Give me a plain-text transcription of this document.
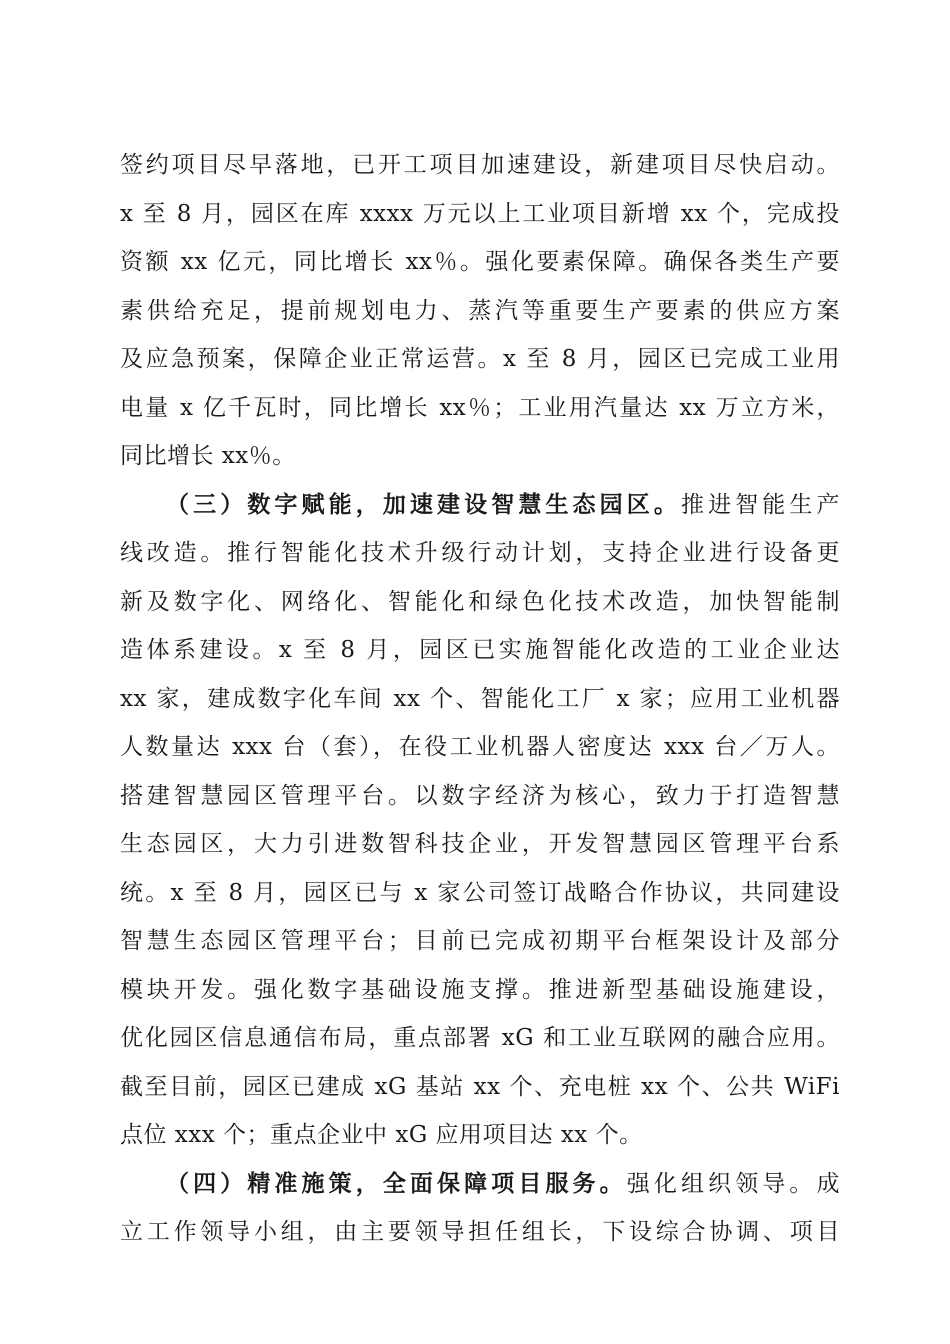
签约项目尽早落地，已开工项目加速建设，新建项目尽快启动。
x 至 8 月，园区在库 xxxx 万元以上工业项目新增 xx 个，完成投
资额 xx 亿元，同比增长 xx％。强化要素保障。确保各类生产要
素供给充足，提前规划电力、蒸汽等重要生产要素的供应方案
及应急预案，保障企业正常运营。x 至 8 月，园区已完成工业用
电量 x 亿千瓦时，同比增长 xx％；工业用汽量达 xx 万立方米，
同比增长 xx％。
（三）数字赋能，加速建设智慧生态园区。推进智能生产
线改造。推行智能化技术升级行动计划，支持企业进行设备更
新及数字化、网络化、智能化和绿色化技术改造，加快智能制
造体系建设。x 至 8 月，园区已实施智能化改造的工业企业达
xx 家，建成数字化车间 xx 个、智能化工厂 x 家；应用工业机器
人数量达 xxx 台（套），在役工业机器人密度达 xxx 台／万人。
搭建智慧园区管理平台。以数字经济为核心，致力于打造智慧
生态园区，大力引进数智科技企业，开发智慧园区管理平台系
统。x 至 8 月，园区已与 x 家公司签订战略合作协议，共同建设
智慧生态园区管理平台；目前已完成初期平台框架设计及部分
模块开发。强化数字基础设施支撑。推进新型基础设施建设，
优化园区信息通信布局，重点部署 xG 和工业互联网的融合应用。
截至目前，园区已建成 xG 基站 xx 个、充电桩 xx 个、公共 WiFi
点位 xxx 个；重点企业中 xG 应用项目达 xx 个。
（四）精准施策，全面保障项目服务。强化组织领导。成
立工作领导小组，由主要领导担任组长，下设综合协调、项目
